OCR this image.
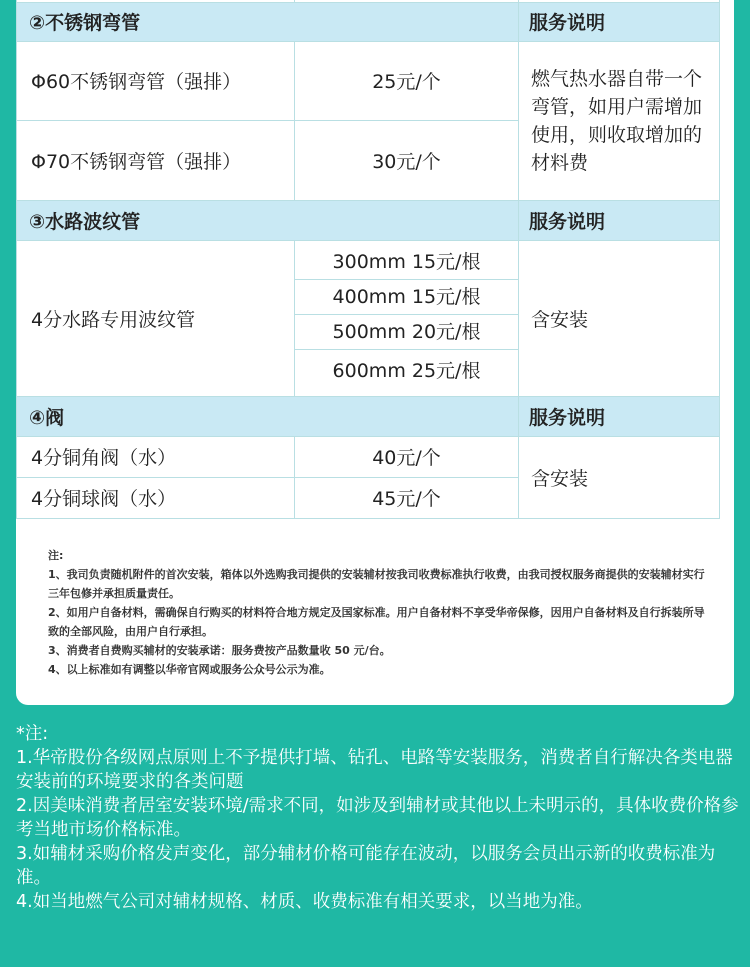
②不锈钢弯管		服务说明
Φ60不锈钢弯管（强排）	25元/个	燃气热水器自带一个弯管，如用户需增加使用，则收取增加的材料费
Φ70不锈钢弯管（强排）	30元/个	
③水路波纹管		服务说明
4分水路专用波纹管	300mm 15元/根
400mm 15元/根
500mm 20元/根
600mm 25元/根	含安装
④阀		服务说明
4分铜角阀（水）	40元/个	含安装
4分铜球阀（水）	45元/个	

注:

1、我司负责随机附件的首次安装，箱体以外选购我司提供的安装辅材按我司收费标准执行收费，由我司授权服务商提供的安装辅材实行三年包修并承担质量责任。

2、如用户自备材料，需确保自行购买的材料符合地方规定及国家标准。用户自备材料不享受华帝保修，因用户自备材料及自行拆装所导致的全部风险，由用户自行承担。

3、消费者自费购买辅材的安装承诺：服务费按产品数量收 50 元/台。

4、以上标准如有调整以华帝官网或服务公众号公示为准。

*注:

1.华帝股份各级网点原则上不予提供打墙、钻孔、电路等安装服务，消费者自行解决各类电器安装前的环境要求的各类问题

2.因美味消费者居室安装环境/需求不同，如涉及到辅材或其他以上未明示的，具体收费价格参考当地市场价格标准。

3.如辅材采购价格发声变化，部分辅材价格可能存在波动，以服务会员出示新的收费标准为准。

4.如当地燃气公司对辅材规格、材质、收费标准有相关要求，以当地为准。
